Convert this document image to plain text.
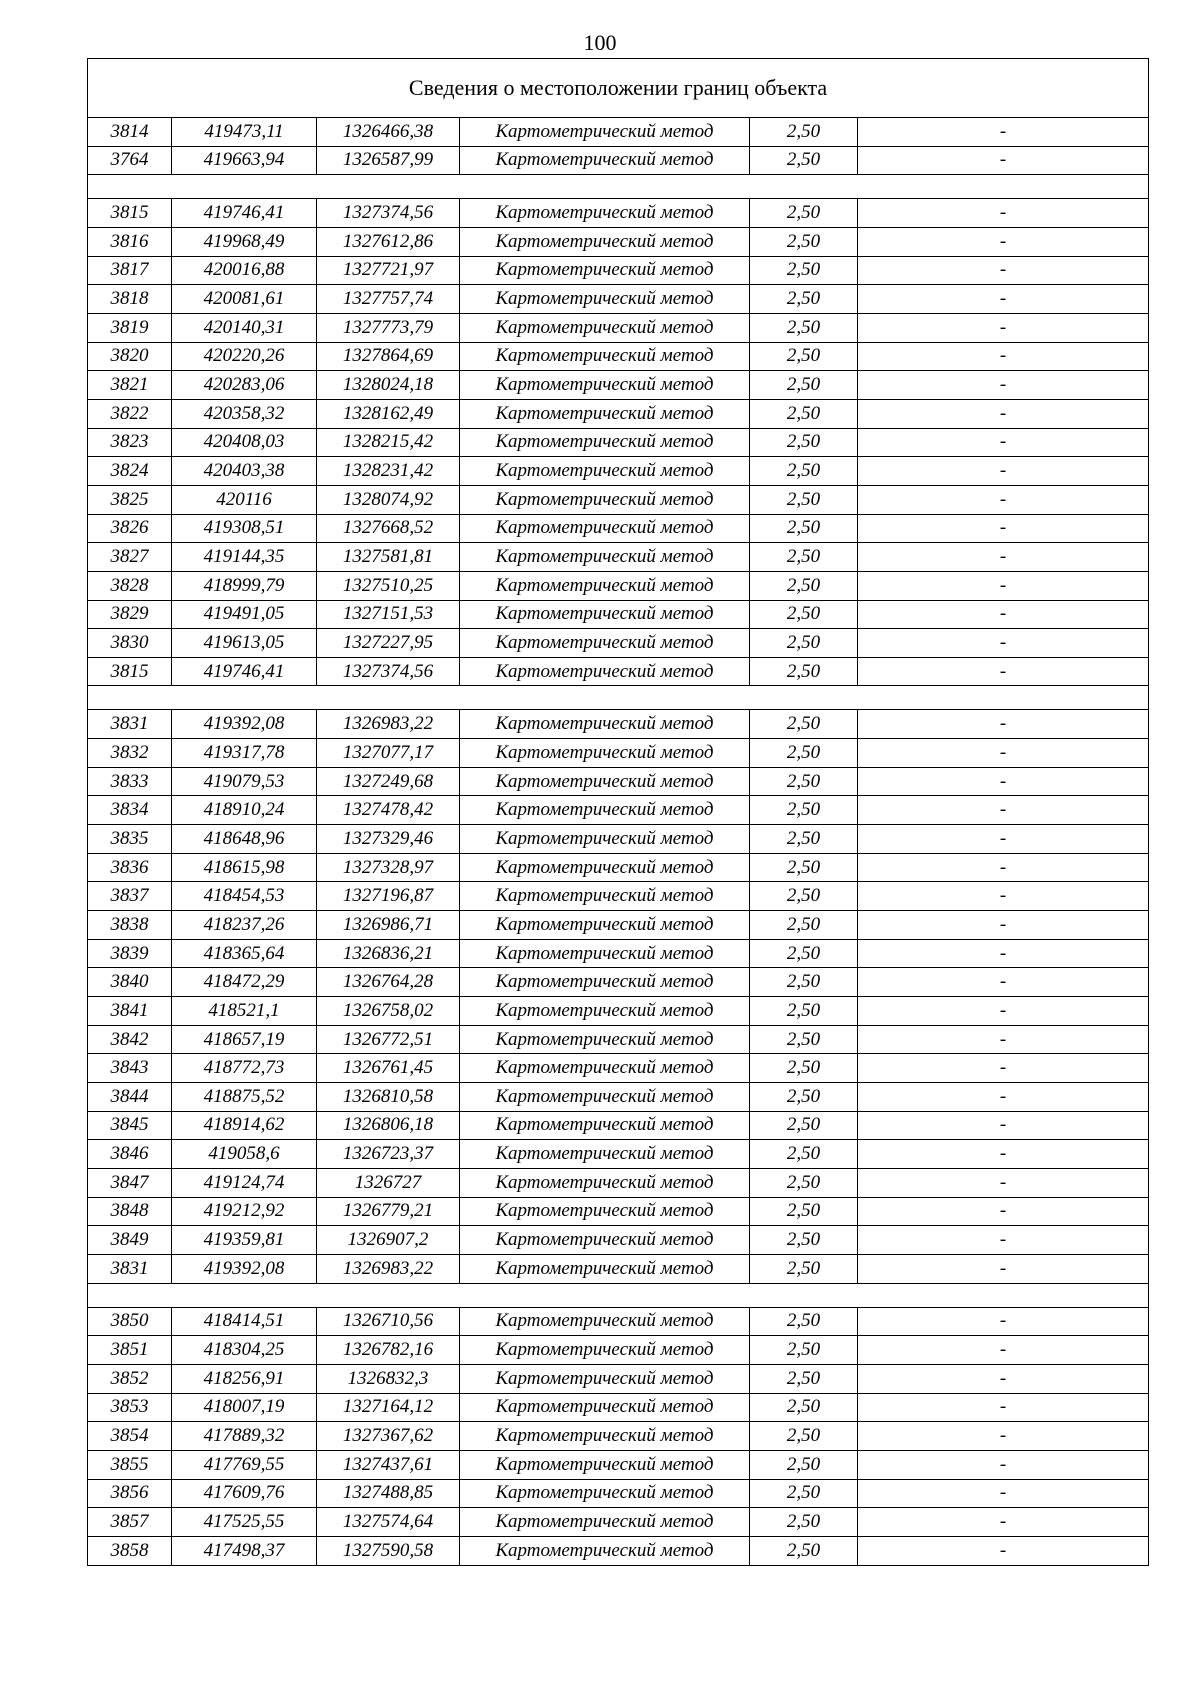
100
Сведения о местоположении границ объекта					
3814	419473,11	1326466,38	Картометрический метод	2,50	-
3764	419663,94	1326587,99	Картометрический метод	2,50	-

3815	419746,41	1327374,56	Картометрический метод	2,50	-
3816	419968,49	1327612,86	Картометрический метод	2,50	-
3817	420016,88	1327721,97	Картометрический метод	2,50	-
3818	420081,61	1327757,74	Картометрический метод	2,50	-
3819	420140,31	1327773,79	Картометрический метод	2,50	-
3820	420220,26	1327864,69	Картометрический метод	2,50	-
3821	420283,06	1328024,18	Картометрический метод	2,50	-
3822	420358,32	1328162,49	Картометрический метод	2,50	-
3823	420408,03	1328215,42	Картометрический метод	2,50	-
3824	420403,38	1328231,42	Картометрический метод	2,50	-
3825	420116	1328074,92	Картометрический метод	2,50	-
3826	419308,51	1327668,52	Картометрический метод	2,50	-
3827	419144,35	1327581,81	Картометрический метод	2,50	-
3828	418999,79	1327510,25	Картометрический метод	2,50	-
3829	419491,05	1327151,53	Картометрический метод	2,50	-
3830	419613,05	1327227,95	Картометрический метод	2,50	-
3815	419746,41	1327374,56	Картометрический метод	2,50	-

3831	419392,08	1326983,22	Картометрический метод	2,50	-
3832	419317,78	1327077,17	Картометрический метод	2,50	-
3833	419079,53	1327249,68	Картометрический метод	2,50	-
3834	418910,24	1327478,42	Картометрический метод	2,50	-
3835	418648,96	1327329,46	Картометрический метод	2,50	-
3836	418615,98	1327328,97	Картометрический метод	2,50	-
3837	418454,53	1327196,87	Картометрический метод	2,50	-
3838	418237,26	1326986,71	Картометрический метод	2,50	-
3839	418365,64	1326836,21	Картометрический метод	2,50	-
3840	418472,29	1326764,28	Картометрический метод	2,50	-
3841	418521,1	1326758,02	Картометрический метод	2,50	-
3842	418657,19	1326772,51	Картометрический метод	2,50	-
3843	418772,73	1326761,45	Картометрический метод	2,50	-
3844	418875,52	1326810,58	Картометрический метод	2,50	-
3845	418914,62	1326806,18	Картометрический метод	2,50	-
3846	419058,6	1326723,37	Картометрический метод	2,50	-
3847	419124,74	1326727	Картометрический метод	2,50	-
3848	419212,92	1326779,21	Картометрический метод	2,50	-
3849	419359,81	1326907,2	Картометрический метод	2,50	-
3831	419392,08	1326983,22	Картометрический метод	2,50	-

3850	418414,51	1326710,56	Картометрический метод	2,50	-
3851	418304,25	1326782,16	Картометрический метод	2,50	-
3852	418256,91	1326832,3	Картометрический метод	2,50	-
3853	418007,19	1327164,12	Картометрический метод	2,50	-
3854	417889,32	1327367,62	Картометрический метод	2,50	-
3855	417769,55	1327437,61	Картометрический метод	2,50	-
3856	417609,76	1327488,85	Картометрический метод	2,50	-
3857	417525,55	1327574,64	Картометрический метод	2,50	-
3858	417498,37	1327590,58	Картометрический метод	2,50	-
